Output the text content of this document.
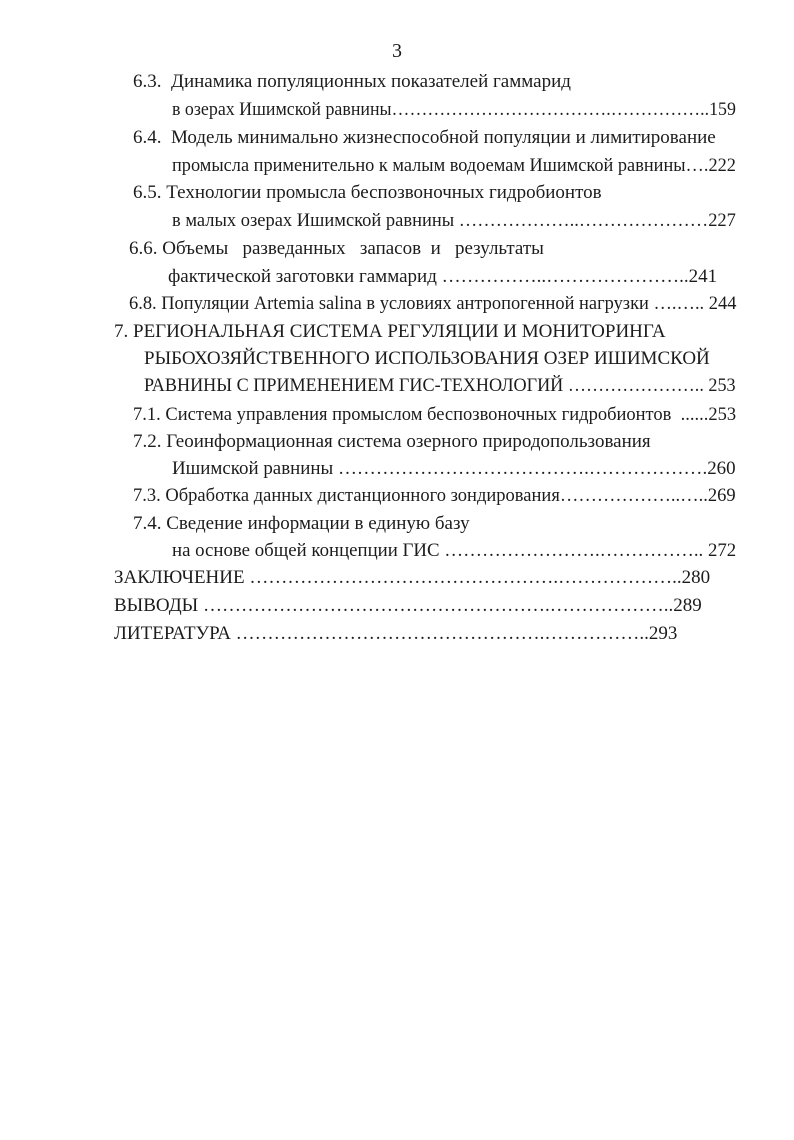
3
6.3.  Динамика популяционных показателей гаммарид
в озерах Ишимской равнины……………………………….……………..159
6.4.  Модель минимально жизнеспособной популяции и лимитирование
промысла применительно к малым водоемам Ишимской равнины….222
6.5. Технологии промысла беспозвоночных гидробионтов
в малых озерах Ишимской равнины ………………..…………………227
6.6. Объемы   разведанных   запасов  и   результаты
фактической заготовки гаммарид ……………..…………………..241
6.8. Популяции Artemia salina в условиях антропогенной нагрузки ….….. 244
7. РЕГИОНАЛЬНАЯ СИСТЕМА РЕГУЛЯЦИИ И МОНИТОРИНГА
РЫБОХОЗЯЙСТВЕННОГО ИСПОЛЬЗОВАНИЯ ОЗЕР ИШИМСКОЙ
РАВНИНЫ С ПРИМЕНЕНИЕМ ГИС-ТЕХНОЛОГИЙ ………………….. 253
7.1. Система управления промыслом беспозвоночных гидробионтов  ......253
7.2. Геоинформационная система озерного природопользования
Ишимской равнины ………………………………….……………….260
7.3. Обработка данных дистанционного зондирования………………..…..269
7.4. Сведение информации в единую базу
на основе общей концепции ГИС …………………….…………….. 272
ЗАКЛЮЧЕНИЕ ………………………………………….………………..280
ВЫВОДЫ ……………………………………………….………………..289
ЛИТЕРАТУРА ………………………………………….……………..293
